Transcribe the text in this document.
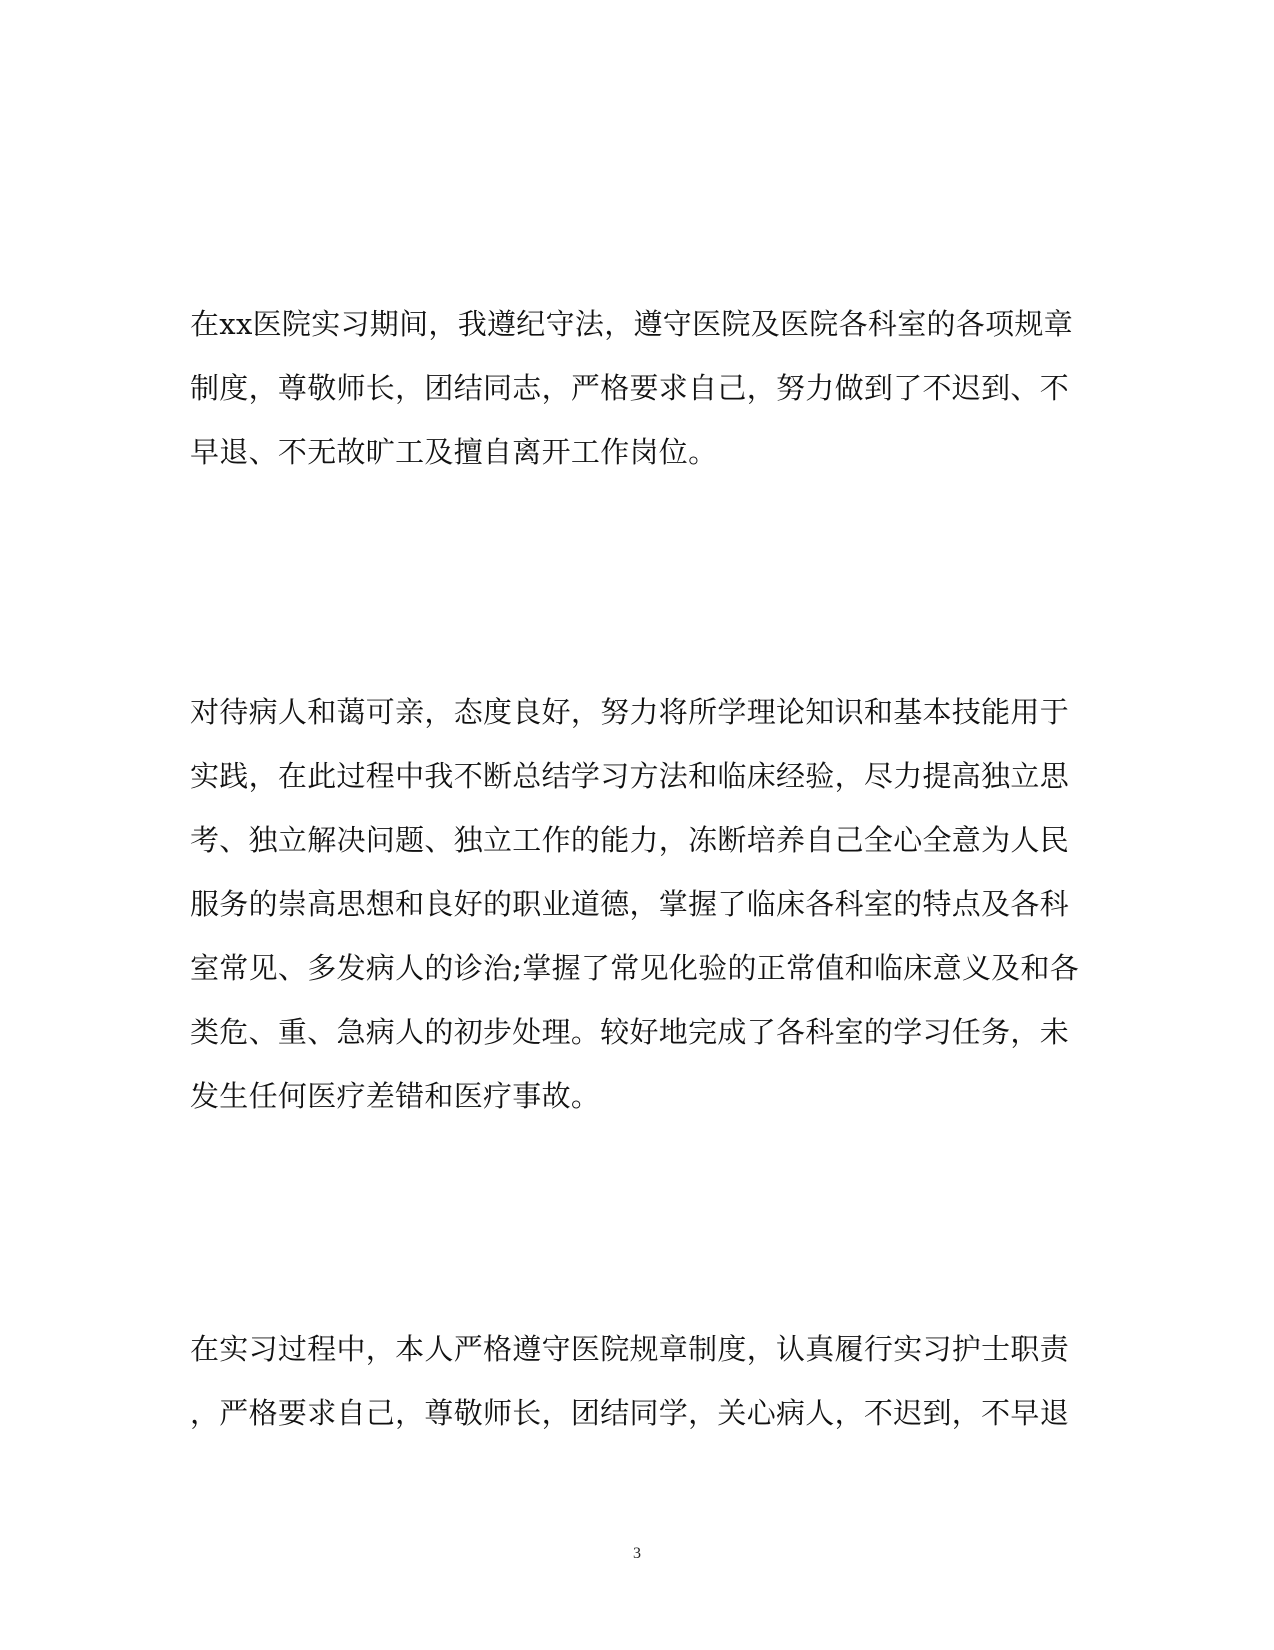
在xx医院实习期间，我遵纪守法，遵守医院及医院各科室的各项规章
制度，尊敬师长，团结同志，严格要求自己，努力做到了不迟到、不
早退、不无故旷工及擅自离开工作岗位。
对待病人和蔼可亲，态度良好，努力将所学理论知识和基本技能用于
实践，在此过程中我不断总结学习方法和临床经验，尽力提高独立思
考、独立解决问题、独立工作的能力，冻断培养自己全心全意为人民
服务的崇高思想和良好的职业道德，掌握了临床各科室的特点及各科
室常见、多发病人的诊治;掌握了常见化验的正常值和临床意义及和各
类危、重、急病人的初步处理。较好地完成了各科室的学习任务，未
发生任何医疗差错和医疗事故。
在实习过程中，本人严格遵守医院规章制度，认真履行实习护士职责
，严格要求自己，尊敬师长，团结同学，关心病人，不迟到，不早退
3
